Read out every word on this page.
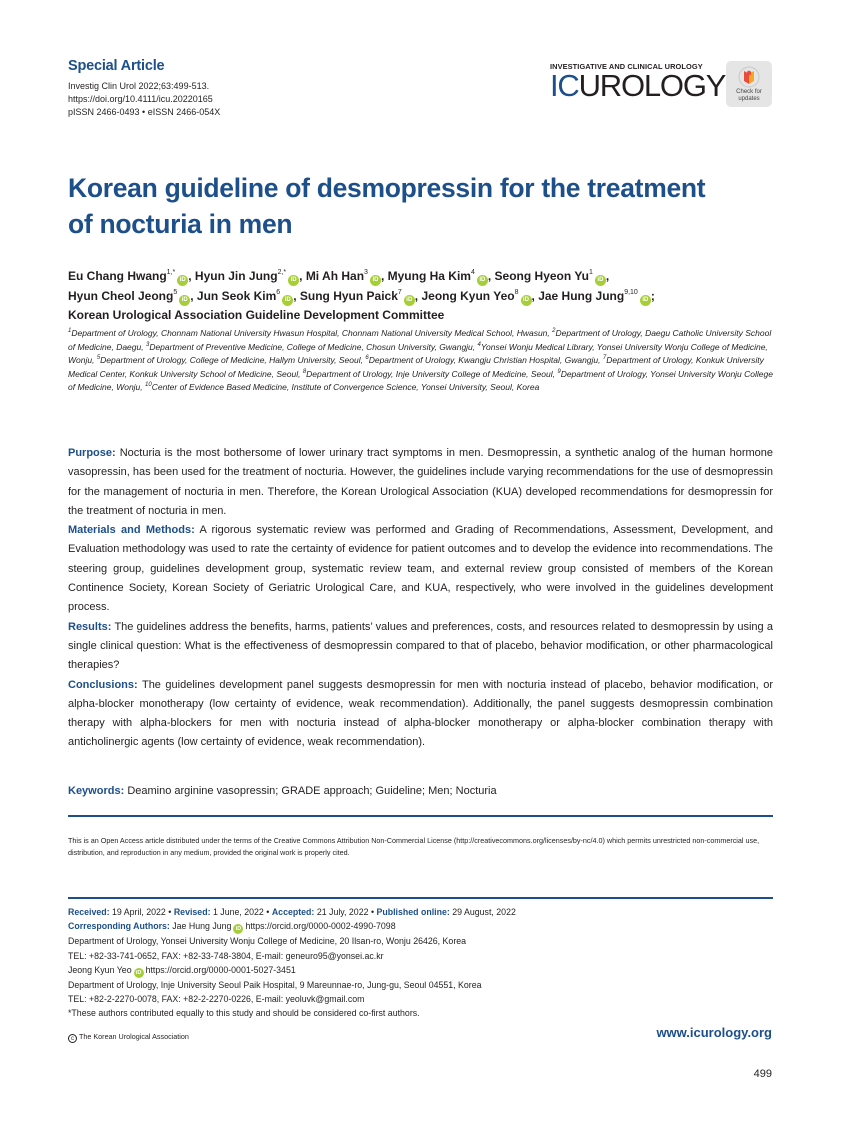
Special Article
Investig Clin Urol 2022;63:499-513.
https://doi.org/10.4111/icu.20220165
pISSN 2466-0493 • eISSN 2466-054X
INVESTIGATIVE AND CLINICAL UROLOGY
ICUROLOGY	Check for
updates
Korean guideline of desmopressin for the treatment of nocturia in men
Eu Chang Hwang$^{1,*}$iD , Hyun Jin Jung$^{2,*}$iD , Mi Ah Han$^3$iD , Myung Ha Kim$^4$iD , Seong Hyeon Yu$^1$iD ,
Hyun Cheol Jeong$^5$iD , Jun Seok Kim$^6$iD , Sung Hyun Paick$^7$iD , Jeong Kyun Yeo$^8$iD , Jae Hung Jung$^{9,10}$iD ;
Korean Urological Association Guideline Development Committee
$^1$Department of Urology, Chonnam National University Hwasun Hospital, Chonnam National University Medical School, Hwasun, $^2$Department of Urology, Daegu Catholic University School of Medicine, Daegu, $^3$Department of Preventive Medicine, College of Medicine, Chosun University, Gwangju, $^4$Yonsei Wonju Medical Library, Yonsei University Wonju College of Medicine, Wonju, $^5$Department of Urology, College of Medicine, Hallym University, Seoul, $^6$Department of Urology, Kwangju Christian Hospital, Gwangju, $^7$Department of Urology, Konkuk University Medical Center, Konkuk University School of Medicine, Seoul, $^8$Department of Urology, Inje University College of Medicine, Seoul, $^9$Department of Urology, Yonsei University Wonju College of Medicine, Wonju, $^{10}$Center of Evidence Based Medicine, Institute of Convergence Science, Yonsei University, Seoul, Korea

Purpose: Nocturia is the most bothersome of lower urinary tract symptoms in men. Desmopressin, a synthetic analog of the human hormone vasopressin, has been used for the treatment of nocturia. However, the guidelines include varying recommendations for the use of desmopressin for the management of nocturia in men. Therefore, the Korean Urological Association (KUA) developed recommendations for desmopressin for the treatment of nocturia in men.

Materials and Methods: A rigorous systematic review was performed and Grading of Recommendations, Assessment, Development, and Evaluation methodology was used to rate the certainty of evidence for patient outcomes and to develop the evidence into recommendations. The steering group, guidelines development group, systematic review team, and external review group consisted of members of the Korean Continence Society, Korean Society of Geriatric Urological Care, and KUA, respectively, who were involved in the guidelines development process.

Results: The guidelines address the benefits, harms, patients’ values and preferences, costs, and resources related to desmopressin by using a single clinical question: What is the effectiveness of desmopressin compared to that of placebo, behavior modification, or other pharmacological therapies?

Conclusions: The guidelines development panel suggests desmopressin for men with nocturia instead of placebo, behavior modification, or alpha-blocker monotherapy (low certainty of evidence, weak recommendation). Additionally, the panel suggests desmopressin combination therapy with alpha-blockers for men with nocturia instead of alpha-blocker monotherapy or alpha-blocker combination therapy with anticholinergic agents (low certainty of evidence, weak recommendation).

Keywords: Deamino arginine vasopressin; GRADE approach; Guideline; Men; Nocturia
This is an Open Access article distributed under the terms of the Creative Commons Attribution Non-Commercial License (http://creativecommons.org/licenses/by-nc/4.0) which permits unrestricted non-commercial use, distribution, and reproduction in any medium, provided the original work is properly cited.
Received: 19 April, 2022 • Revised: 1 June, 2022 • Accepted: 21 July, 2022 • Published online: 29 August, 2022
Corresponding Authors: Jae Hung Jung iD https://orcid.org/0000-0002-4990-7098
Department of Urology, Yonsei University Wonju College of Medicine, 20 Ilsan-ro, Wonju 26426, Korea
TEL: +82-33-741-0652, FAX: +82-33-748-3804, E-mail: geneuro95@yonsei.ac.kr
Jeong Kyun Yeo iD https://orcid.org/0000-0001-5027-3451
Department of Urology, Inje University Seoul Paik Hospital, 9 Mareunnae-ro, Jung-gu, Seoul 04551, Korea
TEL: +82-2-2270-0078, FAX: +82-2-2270-0226, E-mail: yeoluvk@gmail.com
*These authors contributed equally to this study and should be considered co-first authors.
c The Korean Urological Association	www.icurology.org
499
